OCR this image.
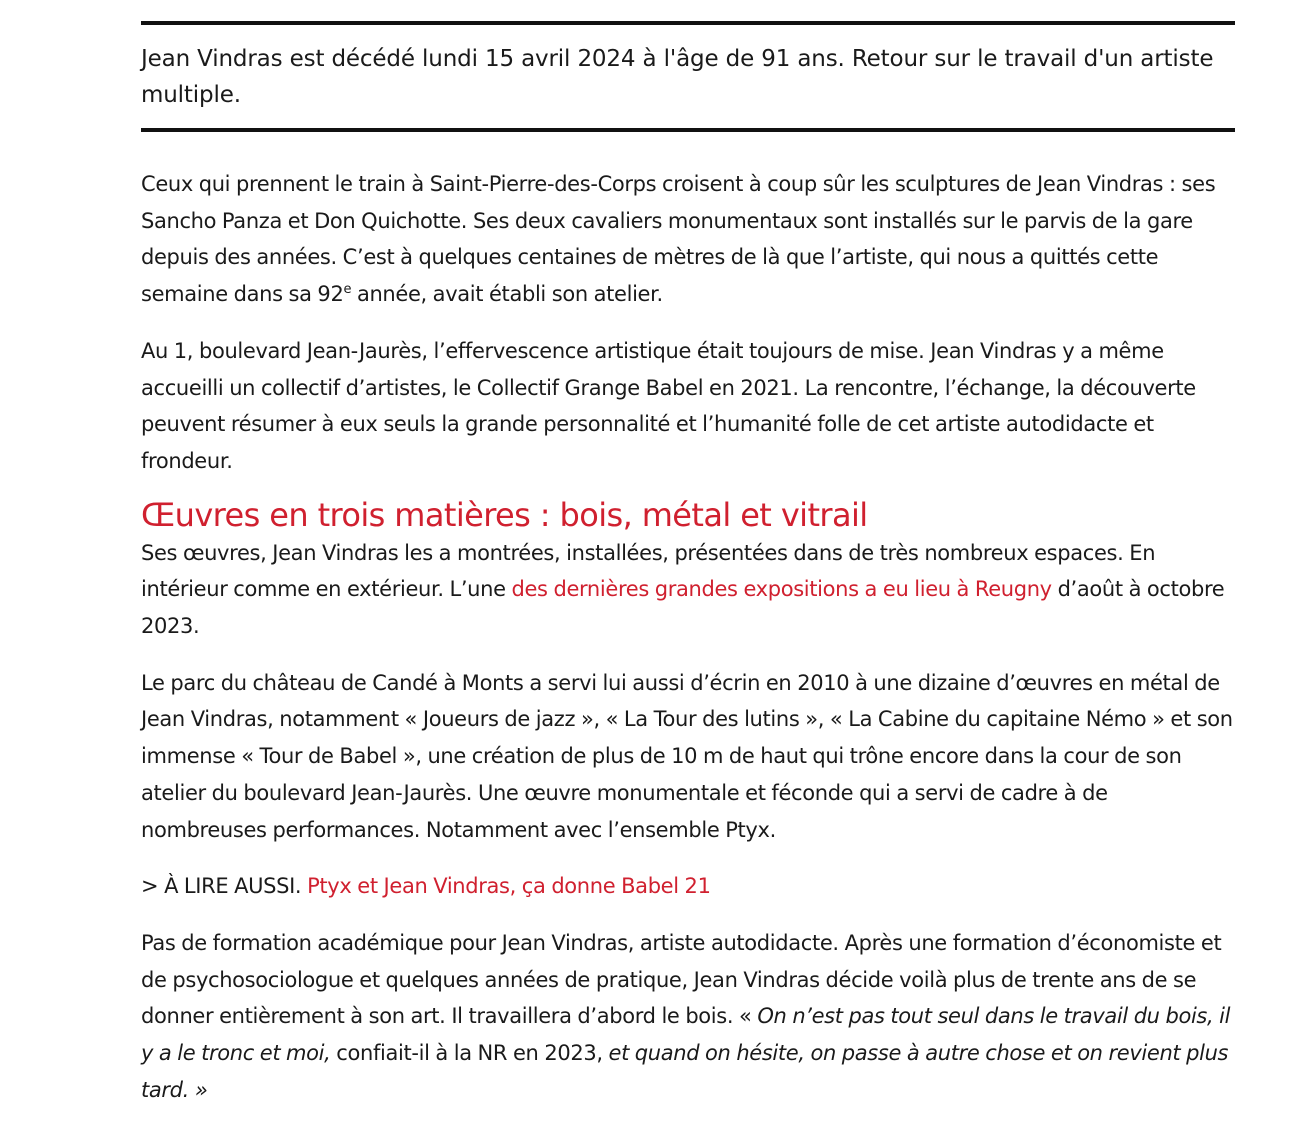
Jean Vindras est décédé lundi 15 avril 2024 à l'âge de 91 ans. Retour sur le travail d'un artiste multiple.

Ceux qui prennent le train à Saint-Pierre-des-Corps croisent à coup sûr les sculptures de Jean Vindras : ses Sancho Panza et Don Quichotte. Ses deux cavaliers monumentaux sont installés sur le parvis de la gare depuis des années. C’est à quelques centaines de mètres de là que l’artiste, qui nous a quittés cette semaine dans sa 92e année, avait établi son atelier.

Au 1, boulevard Jean-Jaurès, l’effervescence artistique était toujours de mise. Jean Vindras y a même accueilli un collectif d’artistes, le Collectif Grange Babel en 2021. La rencontre, l’échange, la découverte peuvent résumer à eux seuls la grande personnalité et l’humanité folle de cet artiste autodidacte et frondeur.

Œuvres en trois matières : bois, métal et vitrail

Ses œuvres, Jean Vindras les a montrées, installées, présentées dans de très nombreux espaces. En intérieur comme en extérieur. L’une des dernières grandes expositions a eu lieu à Reugny d’août à octobre 2023.

Le parc du château de Candé à Monts a servi lui aussi d’écrin en 2010 à une dizaine d’œuvres en métal de Jean Vindras, notamment « Joueurs de jazz », « La Tour des lutins », « La Cabine du capitaine Némo » et son immense « Tour de Babel », une création de plus de 10 m de haut qui trône encore dans la cour de son atelier du boulevard Jean-Jaurès. Une œuvre monumentale et féconde qui a servi de cadre à de nombreuses performances. Notamment avec l’ensemble Ptyx.

> À LIRE AUSSI. Ptyx et Jean Vindras, ça donne Babel 21

Pas de formation académique pour Jean Vindras, artiste autodidacte. Après une formation d’économiste et de psychosociologue et quelques années de pratique, Jean Vindras décide voilà plus de trente ans de se donner entièrement à son art. Il travaillera d’abord le bois. « On n’est pas tout seul dans le travail du bois, il y a le tronc et moi, confiait-il à la NR en 2023, et quand on hésite, on passe à autre chose et on revient plus tard. »
